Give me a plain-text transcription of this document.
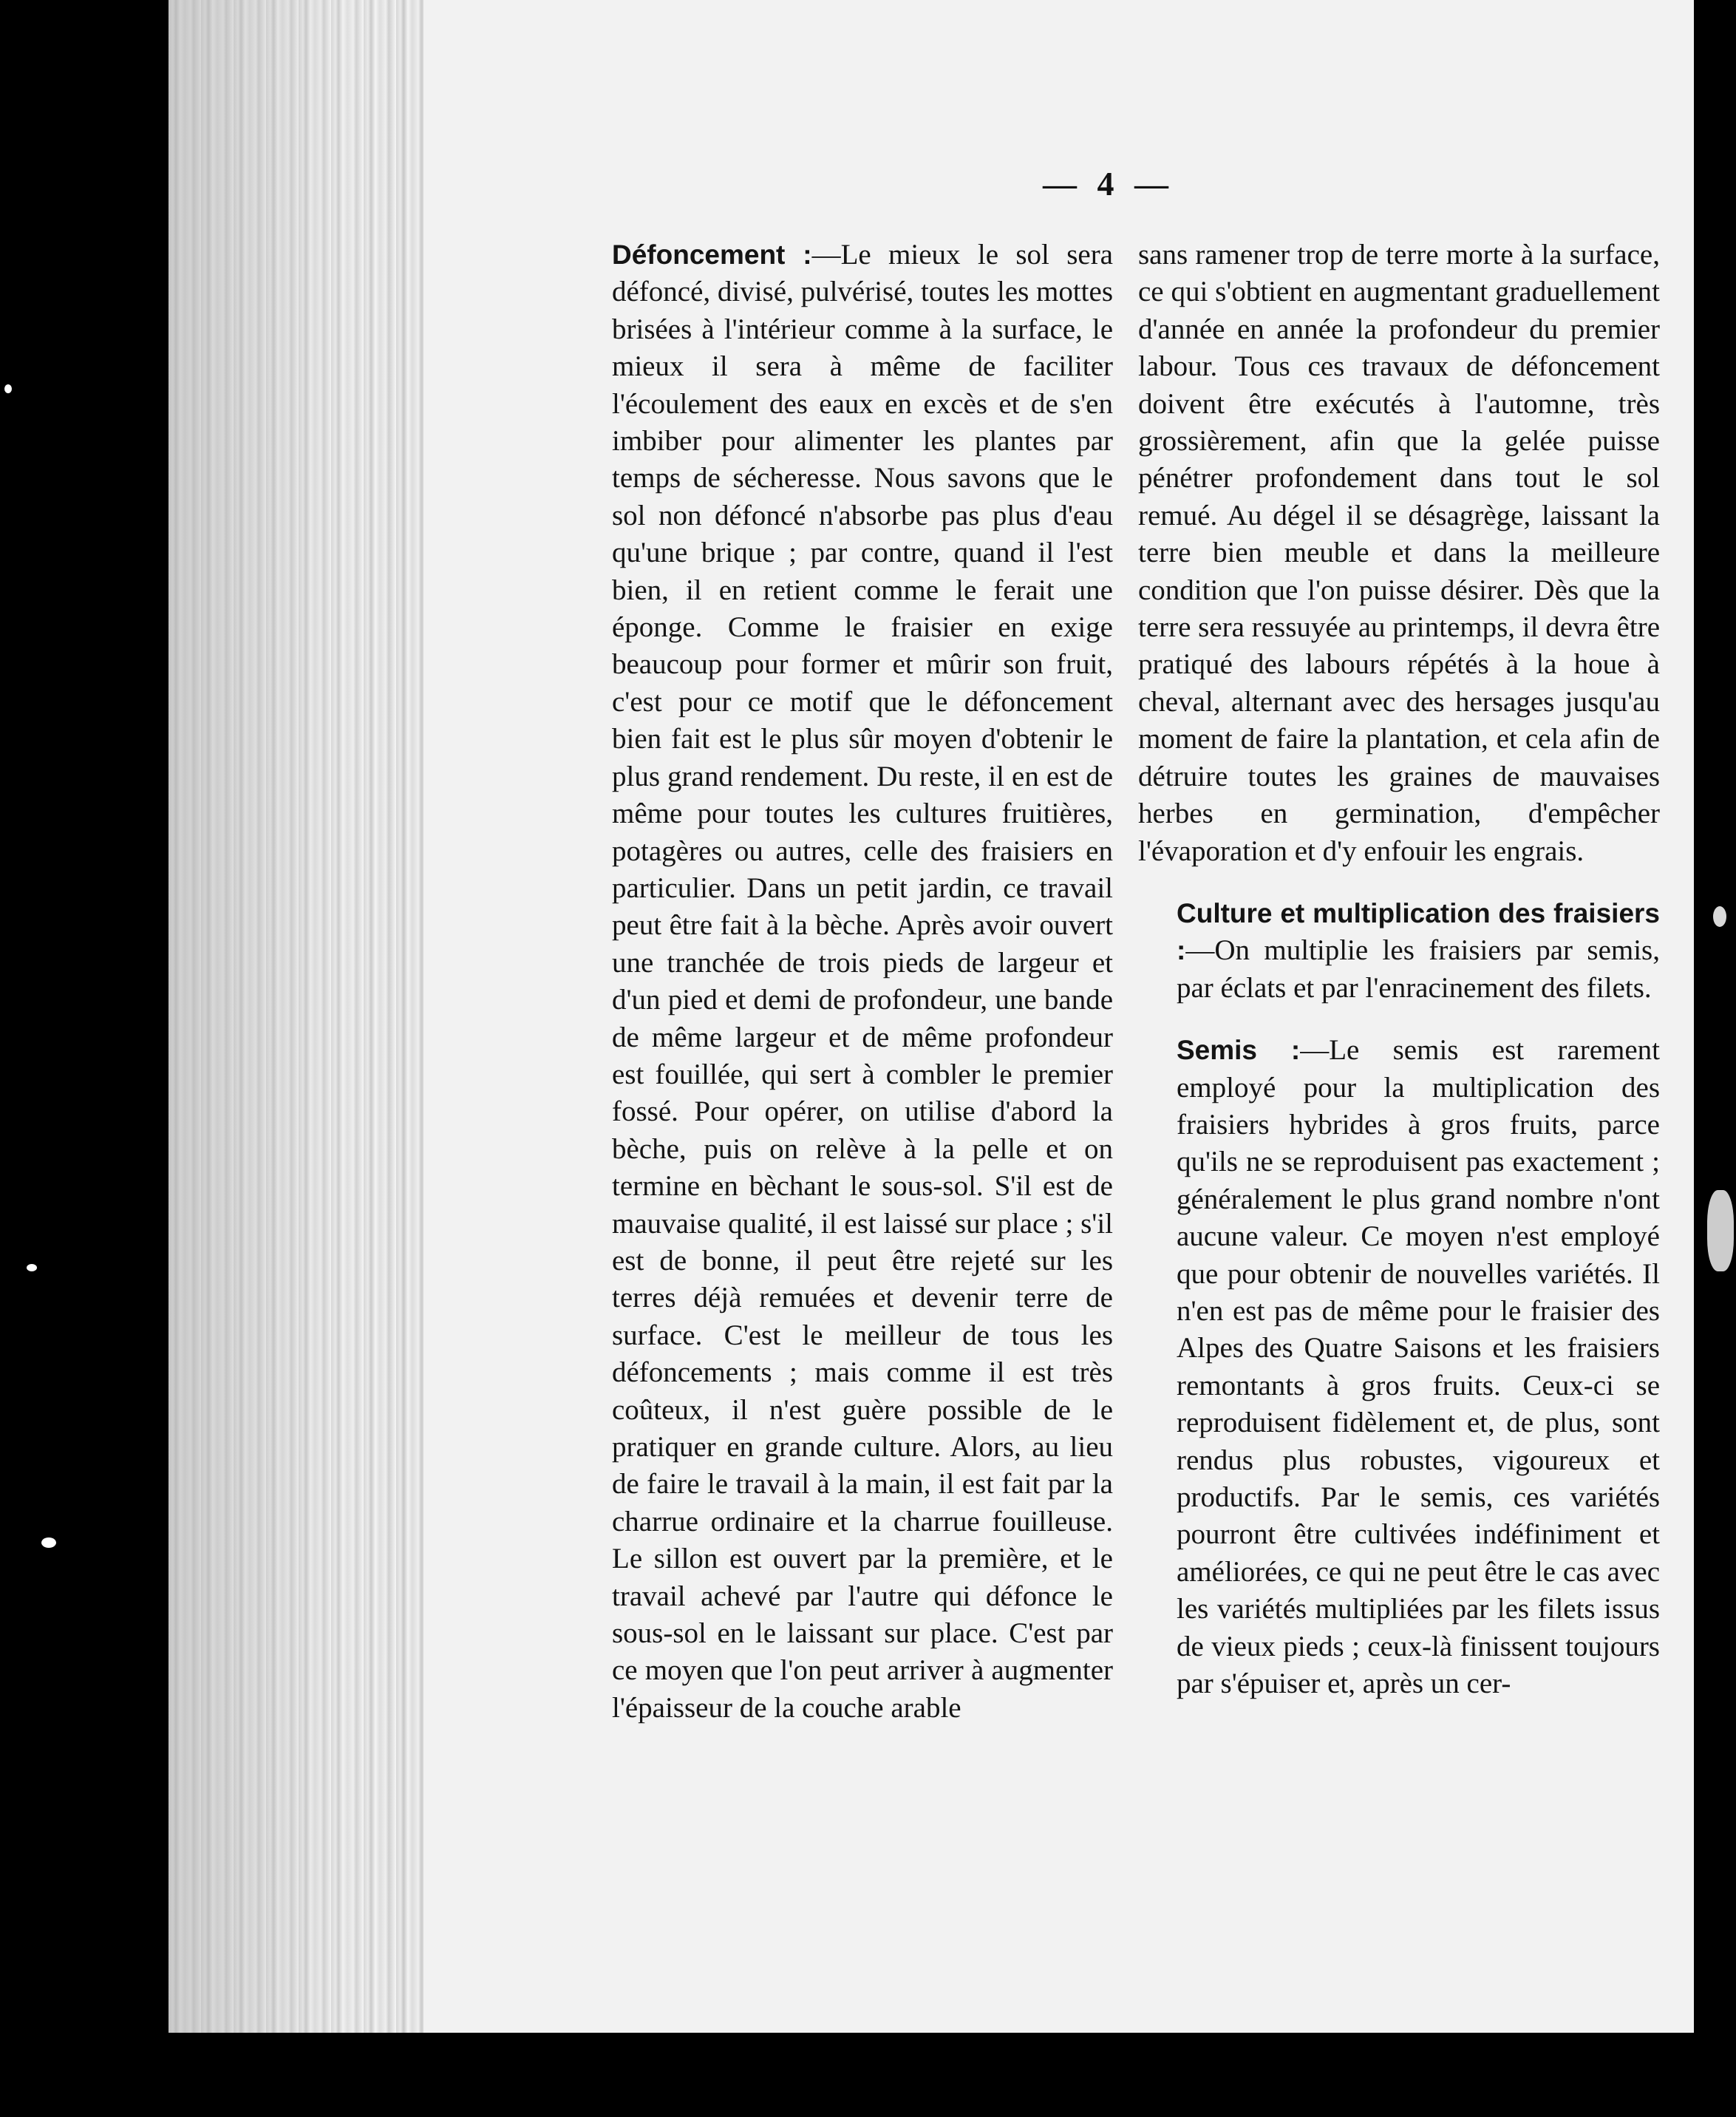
— 4 —

Défoncement :—Le mieux le sol sera défoncé, divisé, pulvérisé, toutes les mottes brisées à l'intérieur comme à la surface, le mieux il sera à même de faciliter l'écoulement des eaux en excès et de s'en imbiber pour alimenter les plantes par temps de sécheresse. Nous savons que le sol non défoncé n'absorbe pas plus d'eau qu'une brique ; par contre, quand il l'est bien, il en retient comme le ferait une éponge. Comme le fraisier en exige beaucoup pour former et mûrir son fruit, c'est pour ce motif que le défoncement bien fait est le plus sûr moyen d'obtenir le plus grand rendement. Du reste, il en est de même pour toutes les cultures fruitières, potagères ou autres, celle des fraisiers en particulier. Dans un petit jardin, ce travail peut être fait à la bèche. Après avoir ouvert une tranchée de trois pieds de largeur et d'un pied et demi de profondeur, une bande de même largeur et de même profondeur est fouillée, qui sert à combler le premier fossé. Pour opérer, on utilise d'abord la bèche, puis on relève à la pelle et on termine en bèchant le sous-sol. S'il est de mauvaise qualité, il est laissé sur place ; s'il est de bonne, il peut être rejeté sur les terres déjà remuées et devenir terre de surface. C'est le meilleur de tous les défoncements ; mais comme il est très coûteux, il n'est guère possible de le pratiquer en grande culture. Alors, au lieu de faire le travail à la main, il est fait par la charrue ordinaire et la charrue fouilleuse. Le sillon est ouvert par la première, et le travail achevé par l'autre qui défonce le sous-sol en le laissant sur place. C'est par ce moyen que l'on peut arriver à augmenter l'épaisseur de la couche arable

sans ramener trop de terre morte à la surface, ce qui s'obtient en augmentant graduellement d'année en année la profondeur du premier labour. Tous ces travaux de défoncement doivent être exécutés à l'automne, très grossièrement, afin que la gelée puisse pénétrer profondement dans tout le sol remué. Au dégel il se désagrège, laissant la terre bien meuble et dans la meilleure condition que l'on puisse désirer. Dès que la terre sera ressuyée au printemps, il devra être pratiqué des labours répétés à la houe à cheval, alternant avec des hersages jusqu'au moment de faire la plantation, et cela afin de détruire toutes les graines de mauvaises herbes en germination, d'empêcher l'évaporation et d'y enfouir les engrais.

Culture et multiplication des fraisiers :—On multiplie les fraisiers par semis, par éclats et par l'enracinement des filets.

Semis :—Le semis est rarement employé pour la multiplication des fraisiers hybrides à gros fruits, parce qu'ils ne se reproduisent pas exactement ; généralement le plus grand nombre n'ont aucune valeur. Ce moyen n'est employé que pour obtenir de nouvelles variétés. Il n'en est pas de même pour le fraisier des Alpes des Quatre Saisons et les fraisiers remontants à gros fruits. Ceux-ci se reproduisent fidèlement et, de plus, sont rendus plus robustes, vigoureux et productifs. Par le semis, ces variétés pourront être cultivées indéfiniment et améliorées, ce qui ne peut être le cas avec les variétés multipliées par les filets issus de vieux pieds ; ceux-là finissent toujours par s'épuiser et, après un cer-
